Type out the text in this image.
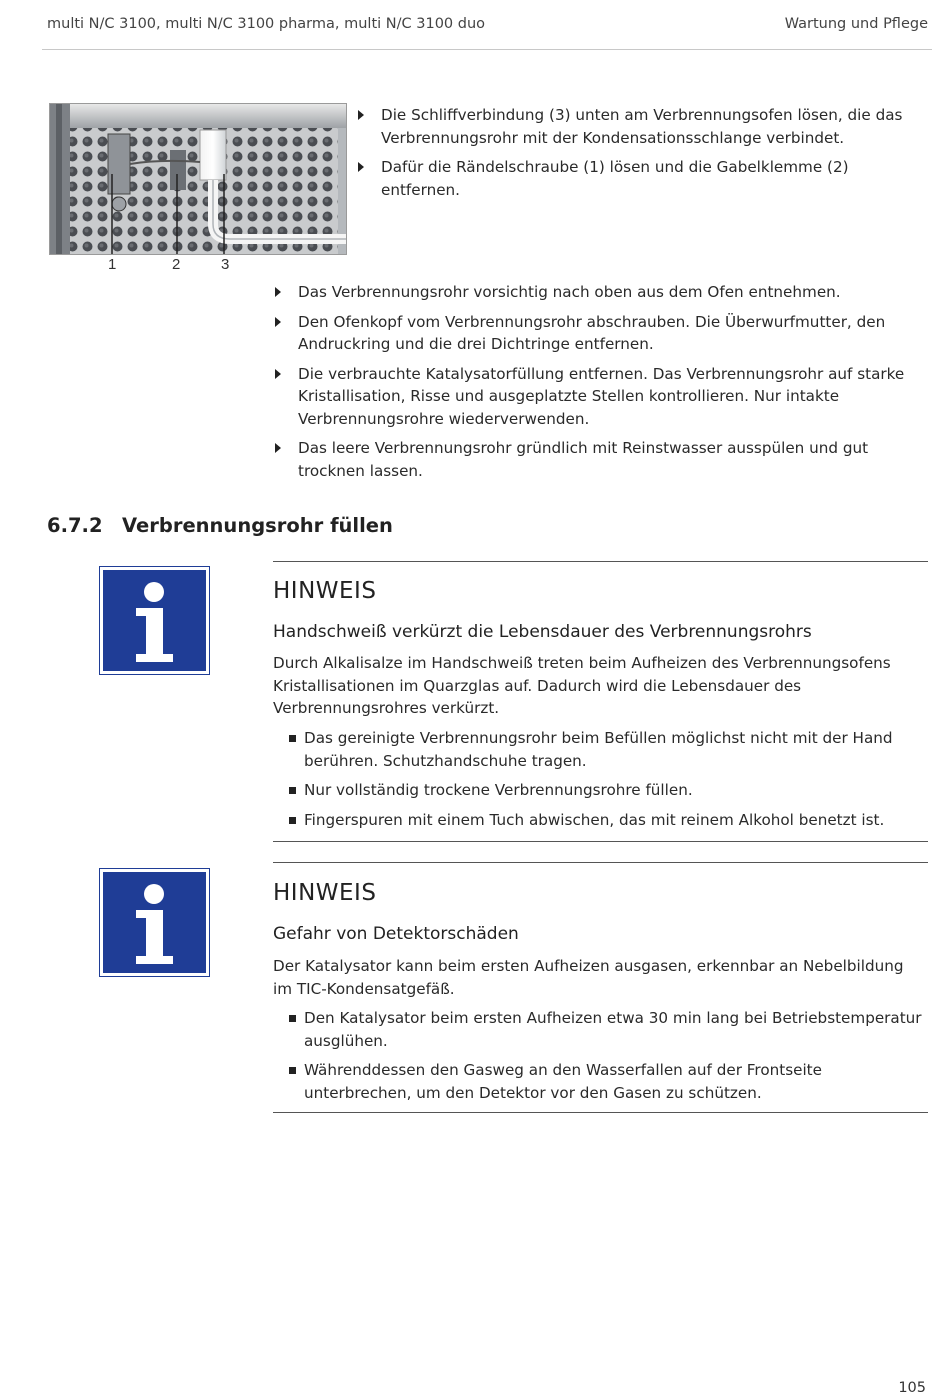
multi N/C 3100, multi N/C 3100 pharma, multi N/C 3100 duo	Wartung und Pflege
1	2	3
Die Schliffverbindung (3) unten am Verbrennungsofen lösen, die das Verbrennungsrohr mit der Kondensationsschlange verbindet.
Dafür die Rändelschraube (1) lösen und die Gabelklemme (2) entfernen.
Das Verbrennungsrohr vorsichtig nach oben aus dem Ofen entnehmen.
Den Ofenkopf vom Verbrennungsrohr abschrauben. Die Überwurfmutter, den Andruckring und die drei Dichtringe entfernen.
Die verbrauchte Katalysatorfüllung entfernen. Das Verbrennungsrohr auf starke Kristallisation, Risse und ausgeplatzte Stellen kontrollieren. Nur intakte Verbrennungsrohre wiederverwenden.
Das leere Verbrennungsrohr gründlich mit Reinstwasser ausspülen und gut trocknen lassen.
6.7.2 Verbrennungsrohr füllen
HINWEIS
Handschweiß verkürzt die Lebensdauer des Verbrennungsrohrs

Durch Alkalisalze im Handschweiß treten beim Aufheizen des Verbrennungsofens Kristallisationen im Quarzglas auf. Dadurch wird die Lebensdauer des Verbrennungsrohres verkürzt.

Das gereinigte Verbrennungsrohr beim Befüllen möglichst nicht mit der Hand berühren. Schutzhandschuhe tragen.
Nur vollständig trockene Verbrennungsrohre füllen.
Fingerspuren mit einem Tuch abwischen, das mit reinem Alkohol benetzt ist.
HINWEIS
Gefahr von Detektorschäden

Der Katalysator kann beim ersten Aufheizen ausgasen, erkennbar an Nebelbildung im TIC-Kondensatgefäß.

Den Katalysator beim ersten Aufheizen etwa 30 min lang bei Betriebstemperatur ausglühen.
Währenddessen den Gasweg an den Wasserfallen auf der Frontseite unterbrechen, um den Detektor vor den Gasen zu schützen.
105
